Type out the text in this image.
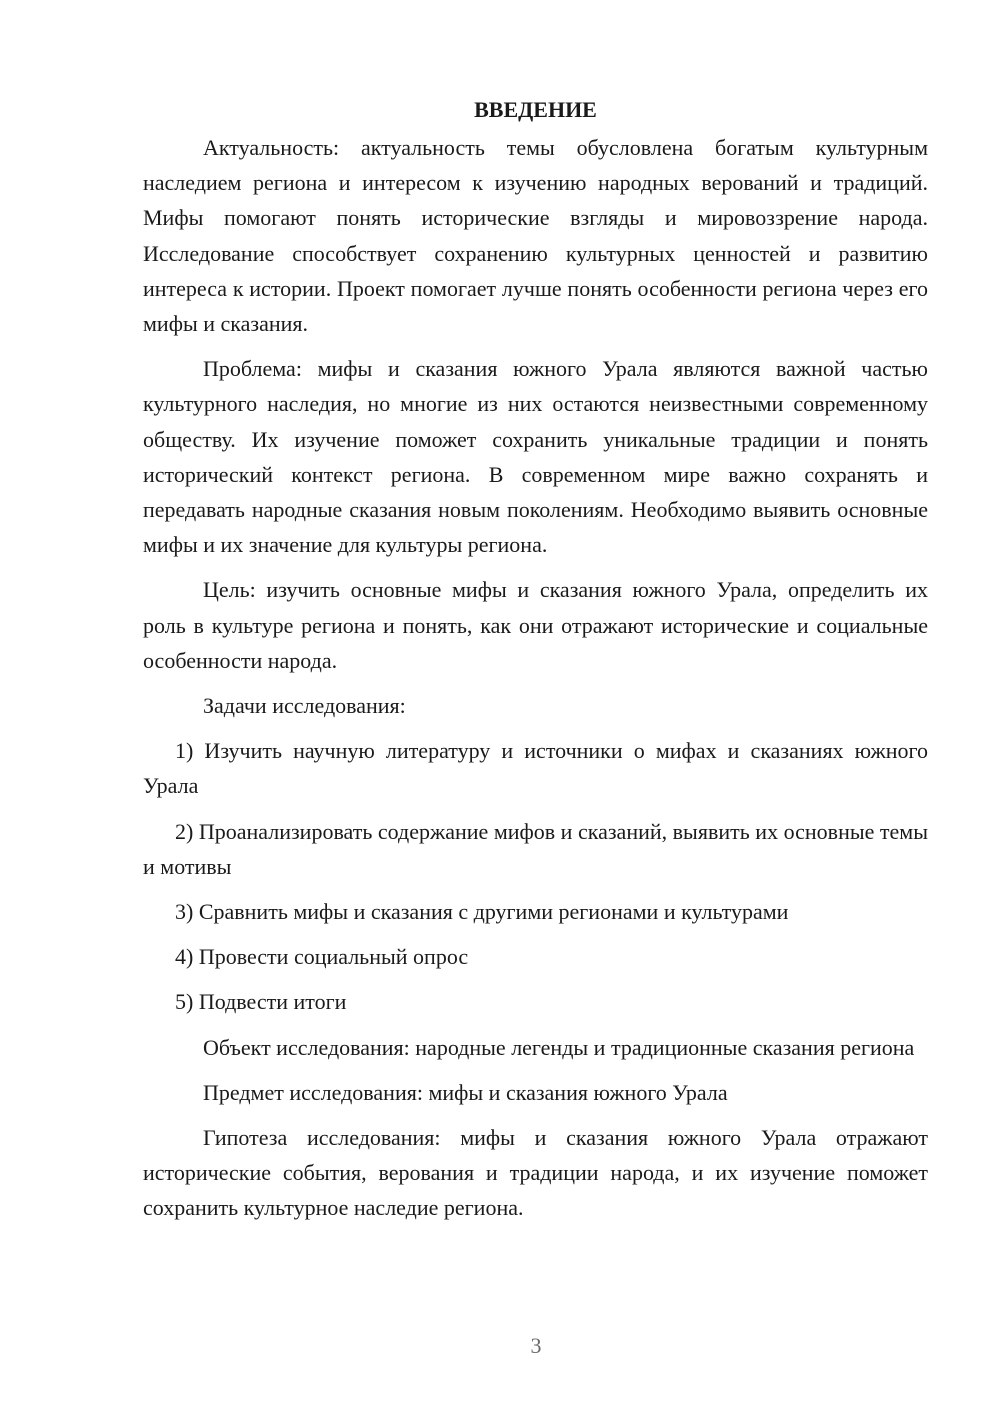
ВВЕДЕНИЕ

Актуальность: актуальность темы обусловлена богатым культурным наследием региона и интересом к изучению народных верований и традиций. Мифы помогают понять исторические взгляды и мировоззрение народа. Исследование способствует сохранению культурных ценностей и развитию интереса к истории. Проект помогает лучше понять особенности региона через его мифы и сказания.

Проблема: мифы и сказания южного Урала являются важной частью культурного наследия, но многие из них остаются неизвестными современному обществу. Их изучение поможет сохранить уникальные традиции и понять исторический контекст региона. В современном мире важно сохранять и передавать народные сказания новым поколениям. Необходимо выявить основные мифы и их значение для культуры региона.

Цель: изучить основные мифы и сказания южного Урала, определить их роль в культуре региона и понять, как они отражают исторические и социальные особенности народа.

Задачи исследования:

1) Изучить научную литературу и источники о мифах и сказаниях южного Урала

2) Проанализировать содержание мифов и сказаний, выявить их основные темы и мотивы

3) Сравнить мифы и сказания с другими регионами и культурами

4) Провести социальный опрос

5) Подвести итоги

Объект исследования: народные легенды и традиционные сказания региона

Предмет исследования: мифы и сказания южного Урала

Гипотеза исследования: мифы и сказания южного Урала отражают исторические события, верования и традиции народа, и их изучение поможет сохранить культурное наследие региона.

3
